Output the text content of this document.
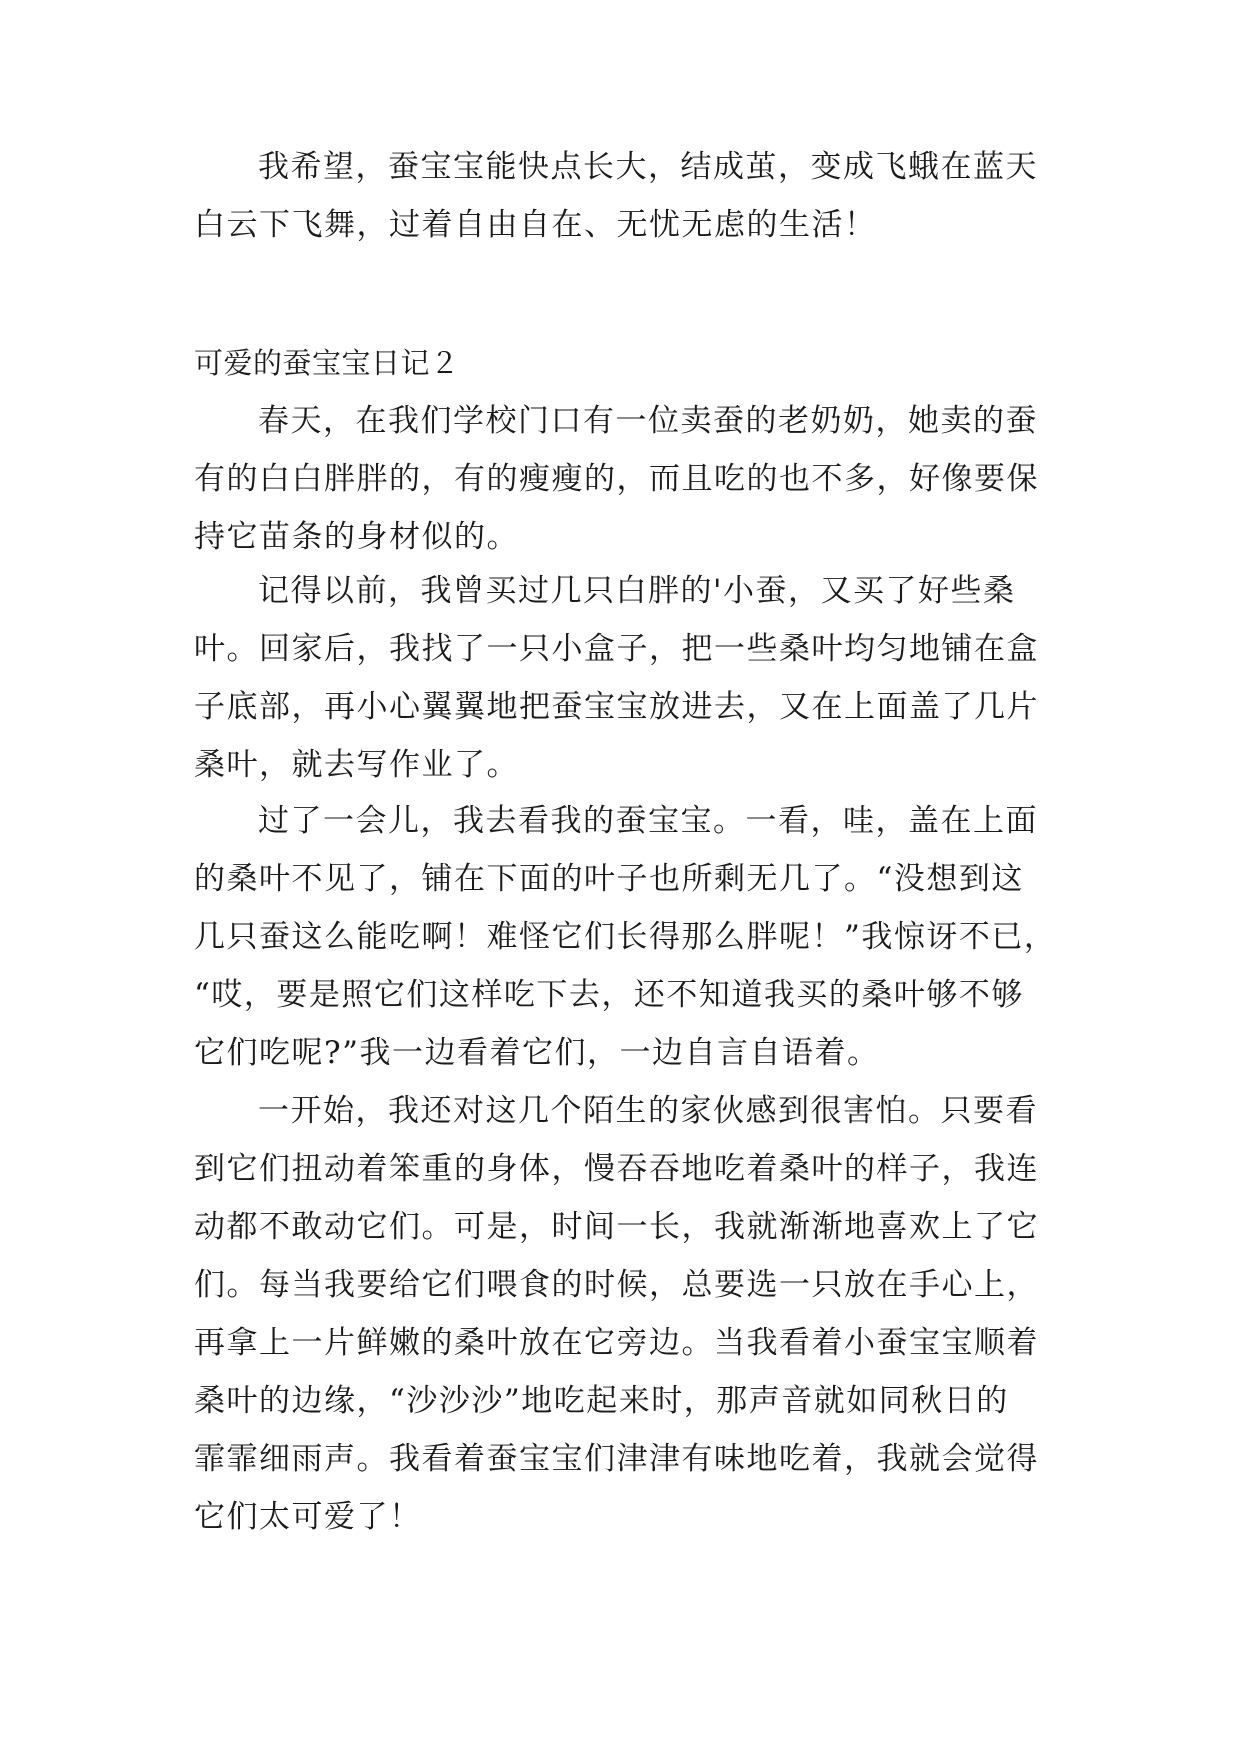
我希望，蚕宝宝能快点长大，结成茧，变成飞蛾在蓝天
白云下飞舞，过着自由自在、无忧无虑的生活！

可爱的蚕宝宝日记２

春天，在我们学校门口有一位卖蚕的老奶奶，她卖的蚕
有的白白胖胖的，有的瘦瘦的，而且吃的也不多，好像要保
持它苗条的身材似的。

记得以前，我曾买过几只白胖的'小蚕，又买了好些桑
叶。回家后，我找了一只小盒子，把一些桑叶均匀地铺在盒
子底部，再小心翼翼地把蚕宝宝放进去，又在上面盖了几片
桑叶，就去写作业了。

过了一会儿，我去看我的蚕宝宝。一看，哇，盖在上面
的桑叶不见了，铺在下面的叶子也所剩无几了。“没想到这
几只蚕这么能吃啊！难怪它们长得那么胖呢！”我惊讶不已，
“哎，要是照它们这样吃下去，还不知道我买的桑叶够不够
它们吃呢?”我一边看着它们，一边自言自语着。

一开始，我还对这几个陌生的家伙感到很害怕。只要看
到它们扭动着笨重的身体，慢吞吞地吃着桑叶的样子，我连
动都不敢动它们。可是，时间一长，我就渐渐地喜欢上了它
们。每当我要给它们喂食的时候，总要选一只放在手心上，
再拿上一片鲜嫩的桑叶放在它旁边。当我看着小蚕宝宝顺着
桑叶的边缘，“沙沙沙”地吃起来时，那声音就如同秋日的
霏霏细雨声。我看着蚕宝宝们津津有味地吃着，我就会觉得
它们太可爱了！
